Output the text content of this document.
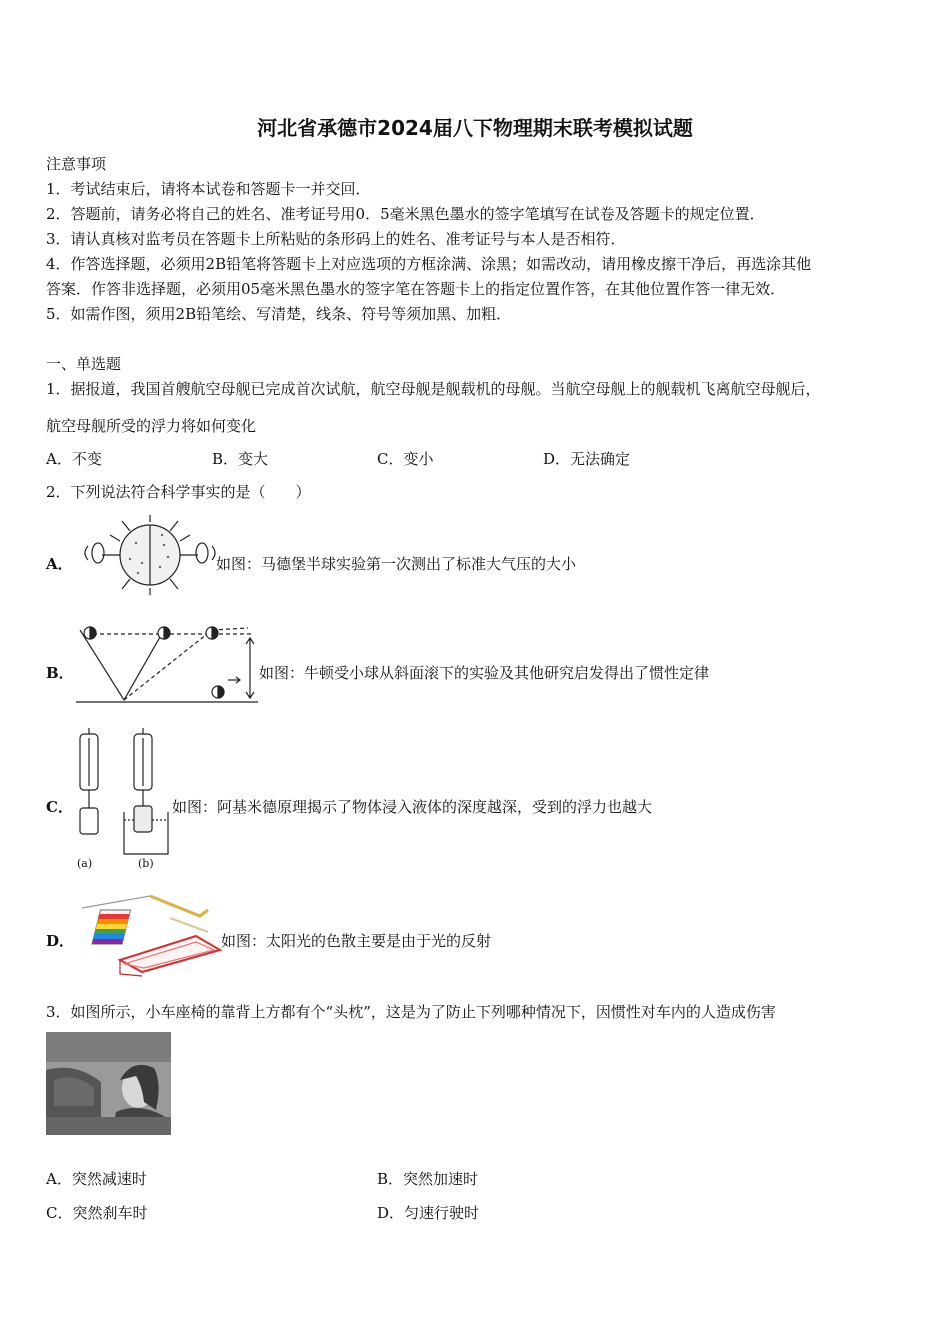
河北省承德市2024届八下物理期末联考模拟试题
注意事项
1．考试结束后，请将本试卷和答题卡一并交回．
2．答题前，请务必将自己的姓名、准考证号用0．5毫米黑色墨水的签字笔填写在试卷及答题卡的规定位置．
3．请认真核对监考员在答题卡上所粘贴的条形码上的姓名、准考证号与本人是否相符．
4．作答选择题，必须用2B铅笔将答题卡上对应选项的方框涂满、涂黑；如需改动，请用橡皮擦干净后，再选涂其他
答案．作答非选择题，必须用05毫米黑色墨水的签字笔在答题卡上的指定位置作答，在其他位置作答一律无效．
5．如需作图，须用2B铅笔绘、写清楚，线条、符号等须加黑、加粗．
一、单选题
1．据报道，我国首艘航空母舰已完成首次试航，航空母舰是舰载机的母舰。当航空母舰上的舰载机飞离航空母舰后，
航空母舰所受的浮力将如何变化
A．不变	B．变大	C．变小	D．无法确定
2．下列说法符合科学事实的是（　　）
A．	如图：马德堡半球实验第一次测出了标准大气压的大小
B．	如图：牛顿受小球从斜面滚下的实验及其他研究启发得出了惯性定律
C．
(a)	(b)
如图：阿基米德原理揭示了物体浸入液体的深度越深，受到的浮力也越大
D．	如图：太阳光的色散主要是由于光的反射
3．如图所示，小车座椅的靠背上方都有个“头枕”，这是为了防止下列哪种情况下，因惯性对车内的人造成伤害
A．突然减速时	B．突然加速时
C．突然刹车时	D．匀速行驶时
